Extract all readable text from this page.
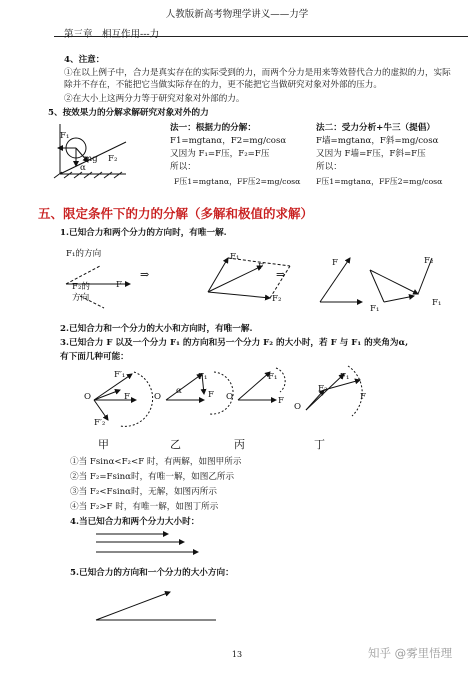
人教版新高考物理学讲义——力学
第三章　相互作用---力
4、注意：
①在以上例子中，合力是真实存在的实际受到的力，而两个分力是用来等效替代合力的虚拟的力，实际
除并不存在，不能把它当做实际存在的力，更不能把它当做研究对象对外部的压力。
②在大小上这两分力等于研究对象对外部的力。
5、按效果力的分解求解研究对象对外的力
F₁
α
mg F₂
法一：根据力的分解：
F1=mgtanα，F2=mg/cosα
又因为 F₁=F压，F₂=F压
所以：
F压1=mgtanα，FF压2=mg/cosα
法二：受力分析+牛三（提倡）
F墙=mgtanα，F斜=mg/cosα
又因为 F墙=F压，F斜=F压
所以：
F压1=mgtanα，FF压2=mg/cosα
五、限定条件下的力的分解（多解和极值的求解）
1.已知合力和两个分力的方向时，有唯一解.
F₁的方向
F
F₂的
方向
⇒	⇒
F₁
F
F₂
F
F₁
F₂
F₁
2.已知合力和一个分力的大小和方向时，有唯一解.
3.已知合力 F 以及一个分力 F₁ 的方向和另一个分力 F₂ 的大小时，若 F 与 F₁ 的夹角为α,
有下面几种可能：
O
F′₁
F
F′₂
O
F₁
α	F O
F₁
F
O
F₁
F₂
F
甲	乙	丙	丁
①当 Fsinα<F₂<F 时，有两解，如图甲所示
②当 F₂=Fsinα时，有唯一解，如图乙所示
③当 F₂<Fsinα时，无解，如图丙所示
④当 F₂>F 时，有唯一解，如图丁所示
4.当已知合力和两个分力大小时：
5.已知合力的方向和一个分力的大小方向：
13	知乎 @雾里悟理
